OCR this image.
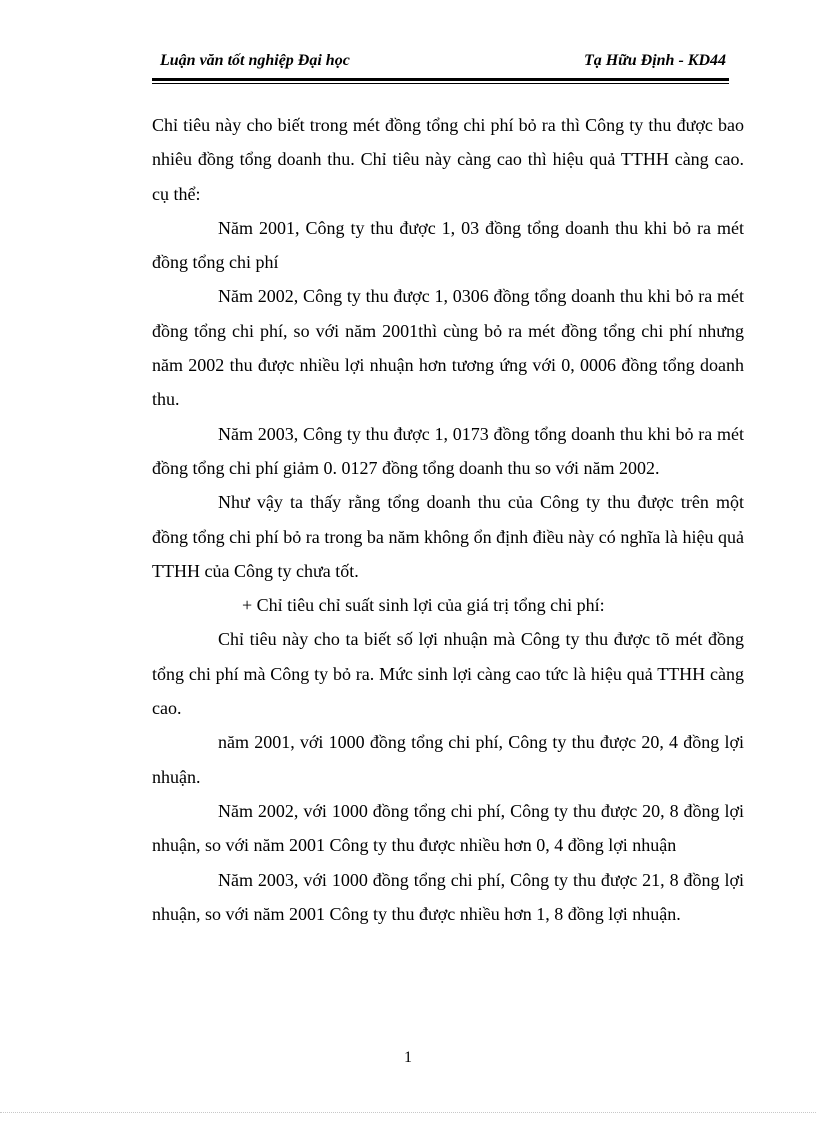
Luận văn tốt nghiệp Đại học	Tạ Hữu Định - KD44

Chỉ tiêu này cho biết trong mét đồng tổng chi phí bỏ ra thì Công ty thu được bao nhiêu đồng tổng doanh thu. Chỉ tiêu này càng cao thì hiệu quả TTHH càng cao. cụ thể:

Năm 2001, Công ty thu được 1, 03 đồng tổng doanh thu khi bỏ ra mét đồng tổng chi phí

Năm 2002, Công ty thu được 1, 0306 đồng tổng doanh thu khi bỏ ra mét đồng tổng chi phí, so với năm 2001thì cùng bỏ ra mét đồng tổng chi phí nhưng năm 2002 thu được nhiều lợi nhuận hơn tương ứng với 0, 0006 đồng tổng doanh thu.

Năm 2003, Công ty thu được 1, 0173 đồng tổng doanh thu khi bỏ ra mét đồng tổng chi phí giảm 0. 0127 đồng tổng doanh thu so với năm 2002.

Như vậy ta thấy rằng tổng doanh thu của Công ty thu được trên một đồng tổng chi phí bỏ ra trong ba năm không ổn định điều này có nghĩa là hiệu quả TTHH của Công ty chưa tốt.

+ Chỉ tiêu chỉ suất sinh lợi của giá trị tổng chi phí:

Chỉ tiêu này cho ta biết số lợi nhuận mà Công ty thu được tõ mét đồng tổng chi phí mà Công ty bỏ ra. Mức sinh lợi càng cao tức là hiệu quả TTHH càng cao.

năm 2001, với 1000 đồng tổng chi phí, Công ty thu được 20, 4 đồng lợi nhuận.

Năm 2002, với 1000 đồng tổng chi phí, Công ty thu được 20, 8 đồng lợi nhuận, so với năm 2001 Công ty thu được nhiều hơn 0, 4 đồng lợi nhuận

Năm 2003, với 1000 đồng tổng chi phí, Công ty thu được 21, 8 đồng lợi nhuận, so với năm 2001 Công ty thu được nhiều hơn 1, 8 đồng lợi nhuận.

1
